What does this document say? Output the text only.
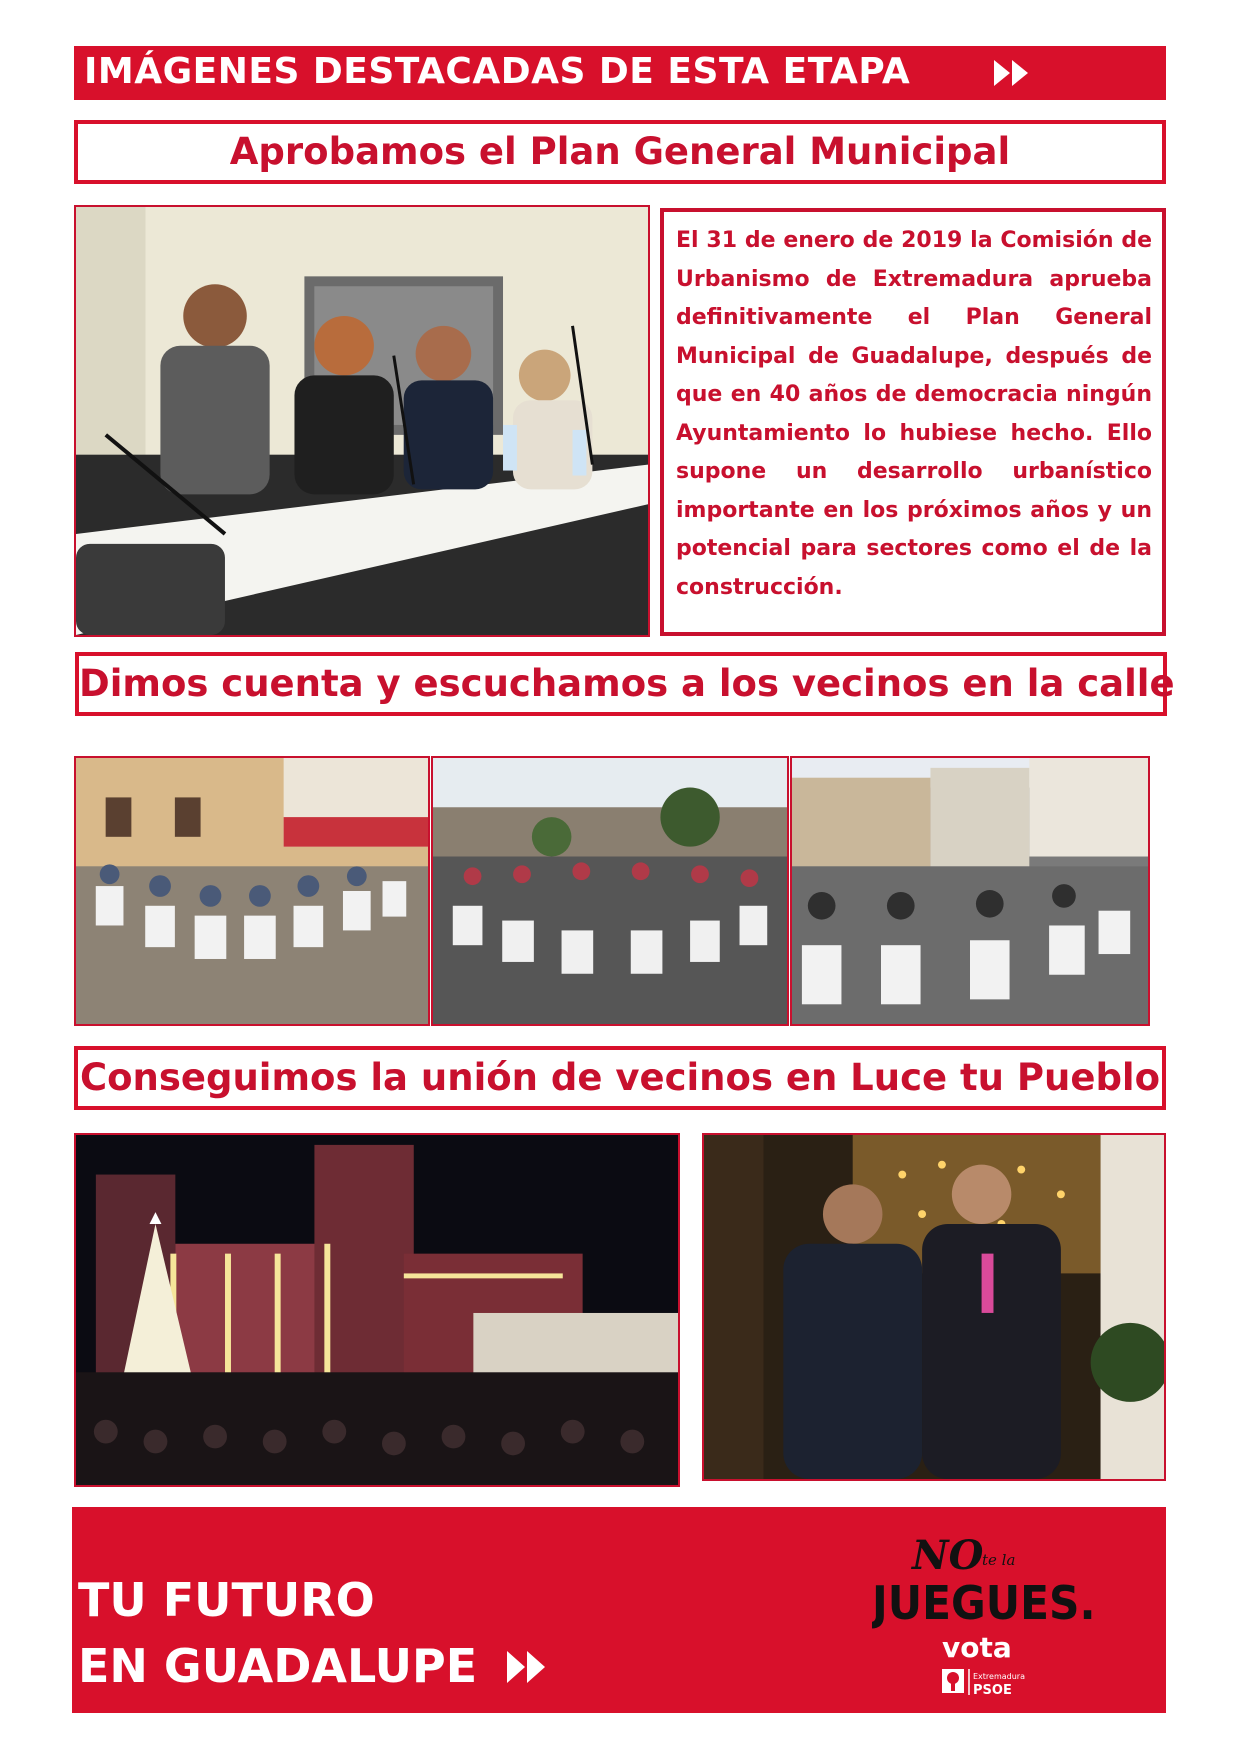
IMÁGENES DESTACADAS DE ESTA ETAPA
Aprobamos el Plan General Municipal

El 31 de enero de 2019 la Comisión de Urbanismo de Extremadura aprueba definitivamente el Plan General Municipal de Guadalupe, después de que en 40 años de democracia ningún Ayuntamiento lo hubiese hecho. Ello supone un desarrollo urbanístico importante en los próximos años y un potencial para sectores como el de la construcción.

Dimos cuenta y escuchamos a los vecinos en la calle
Conseguimos la unión de vecinos en Luce tu Pueblo
TU FUTURO
EN GUADALUPE
NO
te la
JUEGUES.
vota
Extremadura
PSOE
